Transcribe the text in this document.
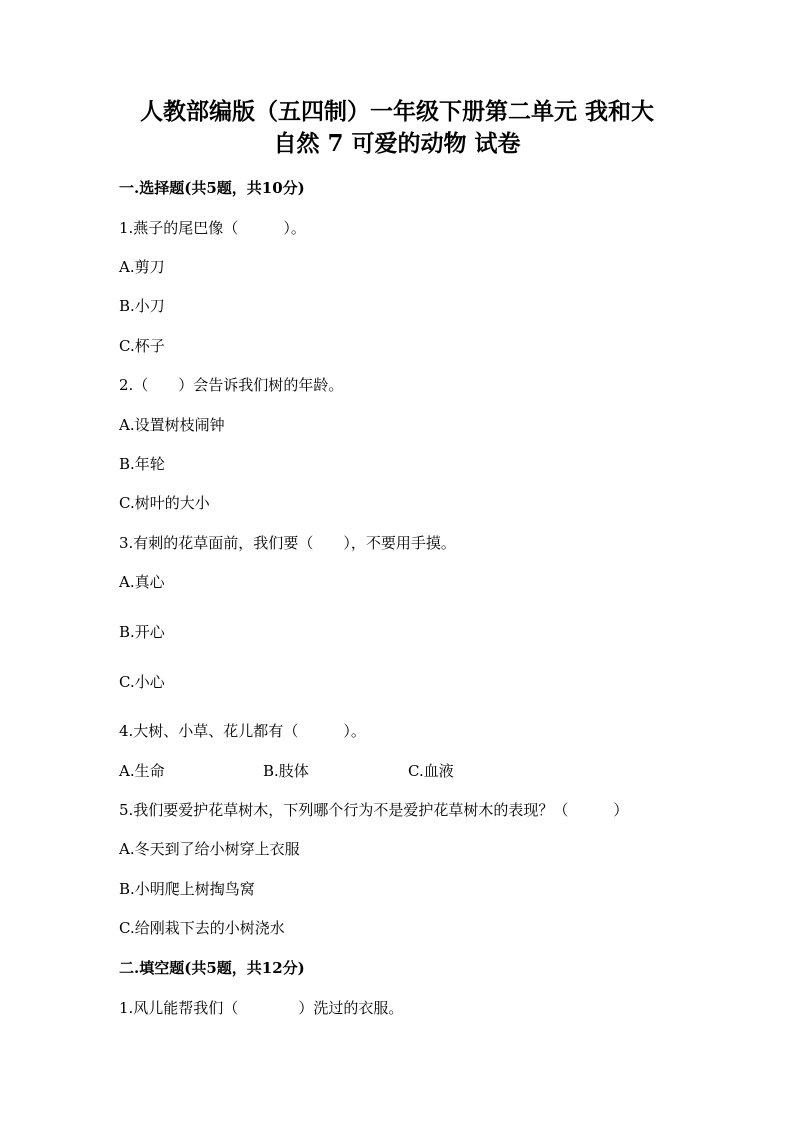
人教部编版（五四制）一年级下册第二单元 我和大
自然 7 可爱的动物 试卷
一.选择题(共5题，共10分)
1.燕子的尾巴像（　　　）。
A.剪刀
B.小刀
C.杯子
2.（　　）会告诉我们树的年龄。
A.设置树枝闹钟
B.年轮
C.树叶的大小
3.有刺的花草面前，我们要（　　），不要用手摸。
A.真心
B.开心
C.小心
4.大树、小草、花儿都有（　　　）。
A.生命	B.肢体	C.血液
5.我们要爱护花草树木，下列哪个行为不是爱护花草树木的表现？（　　　）
A.冬天到了给小树穿上衣服
B.小明爬上树掏鸟窝
C.给刚栽下去的小树浇水
二.填空题(共5题，共12分)
1.风儿能帮我们（　　　　）洗过的衣服。
